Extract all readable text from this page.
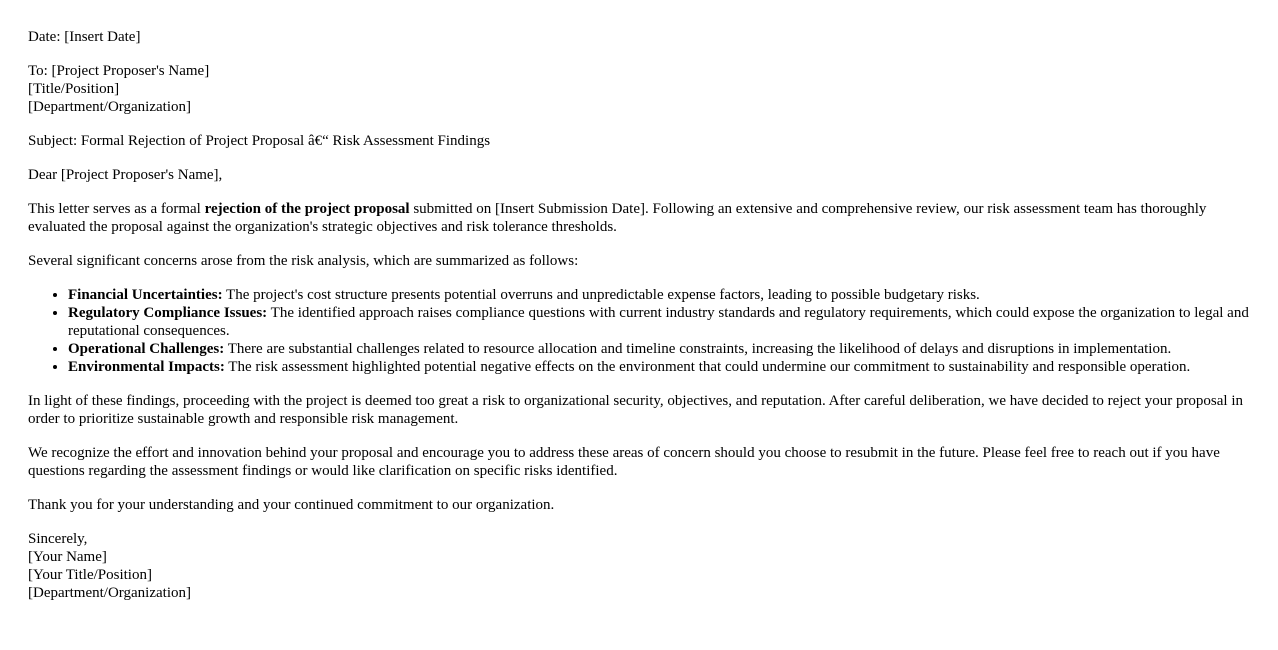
Date: [Insert Date]

To: [Project Proposer's Name]
[Title/Position]
[Department/Organization]

Subject: Formal Rejection of Project Proposal â€“ Risk Assessment Findings

Dear [Project Proposer's Name],

This letter serves as a formal rejection of the project proposal submitted on [Insert Submission Date]. Following an extensive and comprehensive review, our risk assessment team has thoroughly evaluated the proposal against the organization's strategic objectives and risk tolerance thresholds.

Several significant concerns arose from the risk analysis, which are summarized as follows:

• Financial Uncertainties: The project's cost structure presents potential overruns and unpredictable expense factors, leading to possible budgetary risks.
• Regulatory Compliance Issues: The identified approach raises compliance questions with current industry standards and regulatory requirements, which could expose the organization to legal and reputational consequences.
• Operational Challenges: There are substantial challenges related to resource allocation and timeline constraints, increasing the likelihood of delays and disruptions in implementation.
• Environmental Impacts: The risk assessment highlighted potential negative effects on the environment that could undermine our commitment to sustainability and responsible operation.

In light of these findings, proceeding with the project is deemed too great a risk to organizational security, objectives, and reputation. After careful deliberation, we have decided to reject your proposal in order to prioritize sustainable growth and responsible risk management.

We recognize the effort and innovation behind your proposal and encourage you to address these areas of concern should you choose to resubmit in the future. Please feel free to reach out if you have questions regarding the assessment findings or would like clarification on specific risks identified.

Thank you for your understanding and your continued commitment to our organization.

Sincerely,
[Your Name]
[Your Title/Position]
[Department/Organization]
